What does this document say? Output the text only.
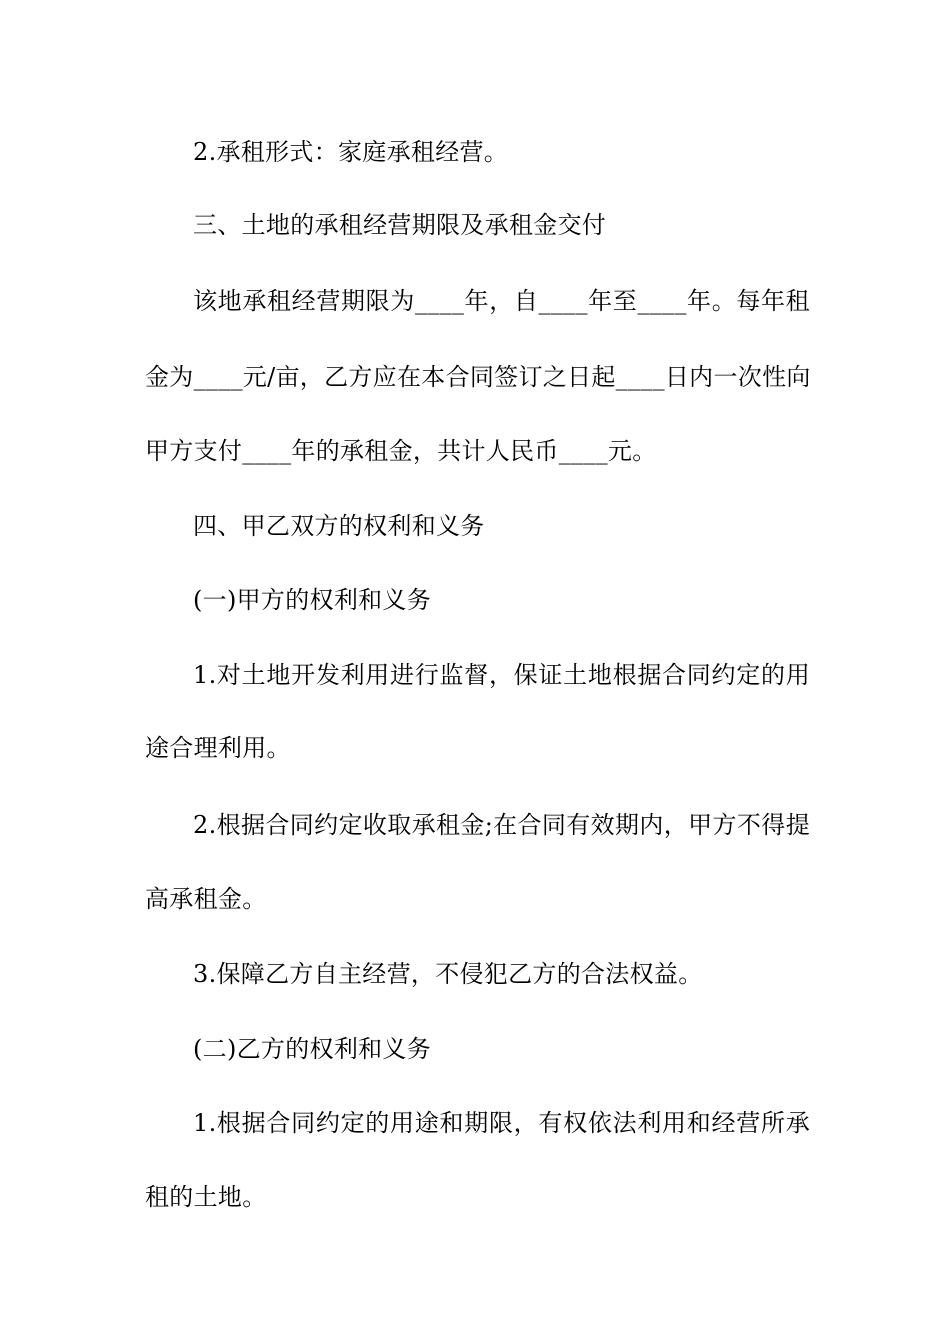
2.承租形式：家庭承租经营。
三、土地的承租经营期限及承租金交付
该地承租经营期限为____年，自____年至____年。每年租
金为____元/亩，乙方应在本合同签订之日起____日内一次性向
甲方支付____年的承租金，共计人民币____元。
四、甲乙双方的权利和义务
(一)甲方的权利和义务
1.对土地开发利用进行监督，保证土地根据合同约定的用
途合理利用。
2.根据合同约定收取承租金;在合同有效期内，甲方不得提
高承租金。
3.保障乙方自主经营，不侵犯乙方的合法权益。
(二)乙方的权利和义务
1.根据合同约定的用途和期限，有权依法利用和经营所承
租的土地。
